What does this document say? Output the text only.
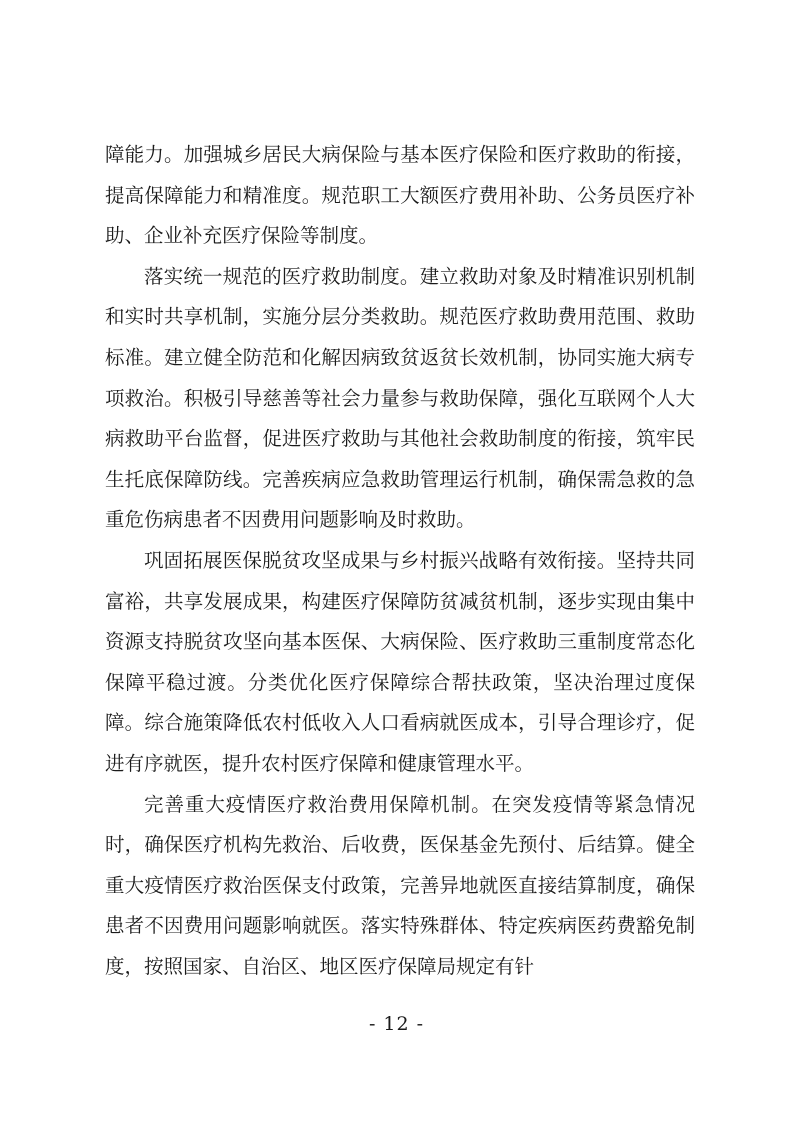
障能力。加强城乡居民大病保险与基本医疗保险和医疗救助的衔接，提高保障能力和精准度。规范职工大额医疗费用补助、公务员医疗补助、企业补充医疗保险等制度。

落实统一规范的医疗救助制度。建立救助对象及时精准识别机制和实时共享机制，实施分层分类救助。规范医疗救助费用范围、救助标准。建立健全防范和化解因病致贫返贫长效机制，协同实施大病专项救治。积极引导慈善等社会力量参与救助保障，强化互联网个人大病救助平台监督，促进医疗救助与其他社会救助制度的衔接，筑牢民生托底保障防线。完善疾病应急救助管理运行机制，确保需急救的急重危伤病患者不因费用问题影响及时救助。

巩固拓展医保脱贫攻坚成果与乡村振兴战略有效衔接。坚持共同富裕，共享发展成果，构建医疗保障防贫减贫机制，逐步实现由集中资源支持脱贫攻坚向基本医保、大病保险、医疗救助三重制度常态化保障平稳过渡。分类优化医疗保障综合帮扶政策，坚决治理过度保障。综合施策降低农村低收入人口看病就医成本，引导合理诊疗，促进有序就医，提升农村医疗保障和健康管理水平。

完善重大疫情医疗救治费用保障机制。在突发疫情等紧急情况时，确保医疗机构先救治、后收费，医保基金先预付、后结算。健全重大疫情医疗救治医保支付政策，完善异地就医直接结算制度，确保患者不因费用问题影响就医。落实特殊群体、特定疾病医药费豁免制度，按照国家、自治区、地区医疗保障局规定有针

- 12 -
